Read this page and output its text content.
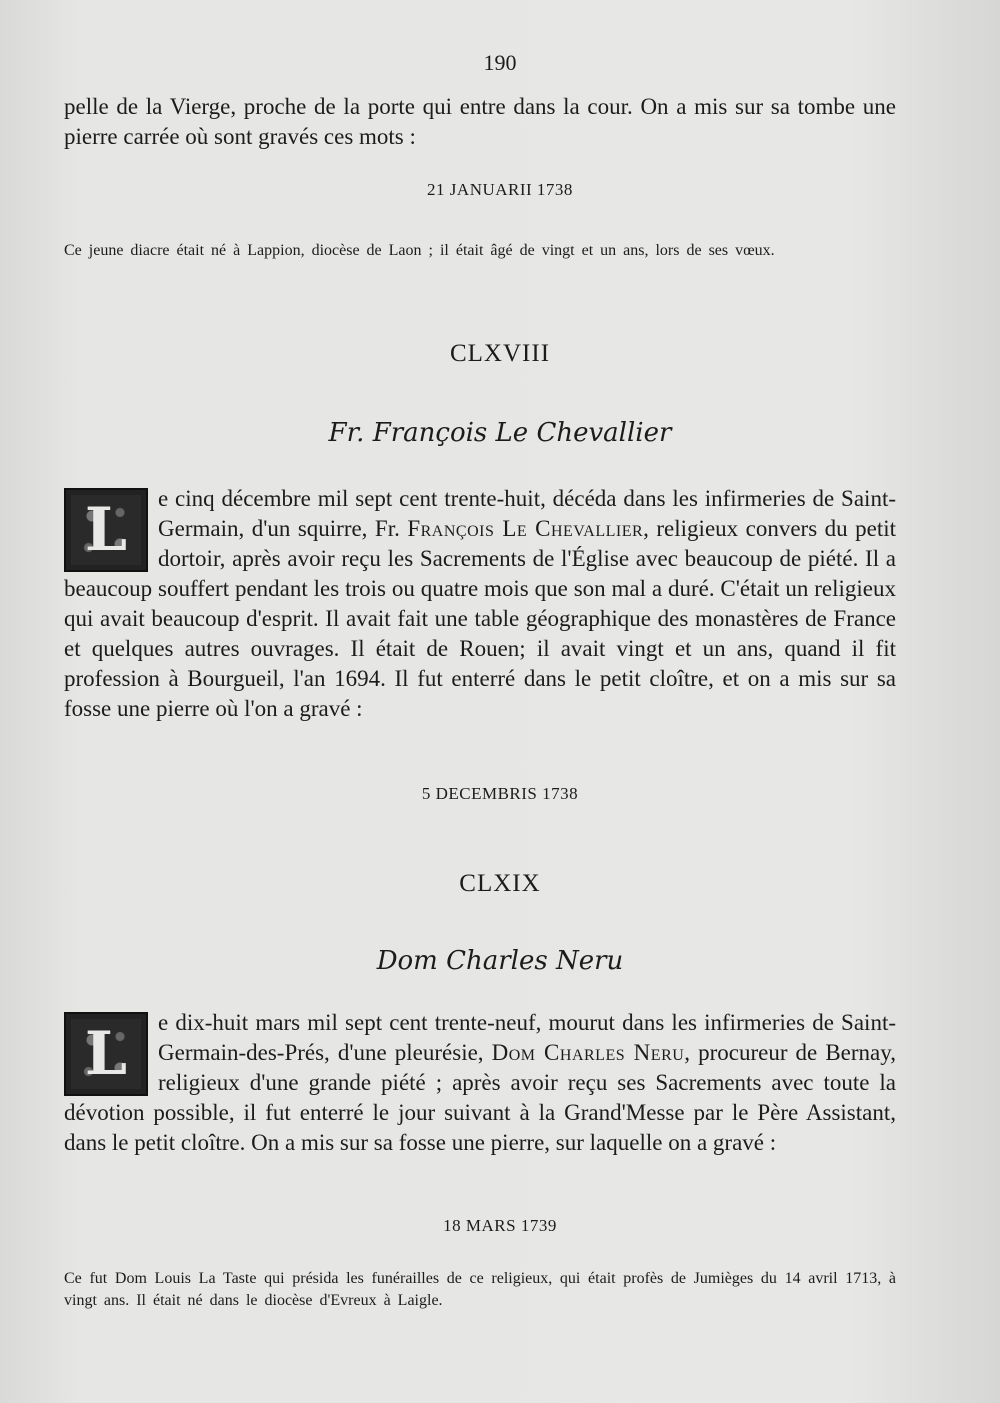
190
pelle de la Vierge, proche de la porte qui entre dans la cour. On a mis sur sa tombe une pierre carrée où sont gravés ces mots :
21 JANUARII 1738
Ce jeune diacre était né à Lappion, diocèse de Laon ; il était âgé de vingt et un ans, lors de ses vœux.
CLXVIII
Fr. François Le Chevallier
L	e cinq décembre mil sept cent trente-huit, décéda dans les infirmeries de Saint-Germain, d'un squirre, Fr. François Le Chevallier, religieux convers du petit dortoir, après avoir reçu les Sacrements de l'Église avec beaucoup de piété. Il a beaucoup souffert pendant les trois ou quatre mois que son mal a duré. C'était un religieux qui avait beaucoup d'esprit. Il avait fait une table géographique des monastères de France et quelques autres ouvrages. Il était de Rouen; il avait vingt et un ans, quand il fit profession à Bourgueil, l'an 1694. Il fut enterré dans le petit cloître, et on a mis sur sa fosse une pierre où l'on a gravé :
5 DECEMBRIS 1738
CLXIX
Dom Charles Neru
L	e dix-huit mars mil sept cent trente-neuf, mourut dans les infirmeries de Saint-Germain-des-Prés, d'une pleurésie, Dom Charles Neru, procureur de Bernay, religieux d'une grande piété ; après avoir reçu ses Sacrements avec toute la dévotion possible, il fut enterré le jour suivant à la Grand'Messe par le Père Assistant, dans le petit cloître. On a mis sur sa fosse une pierre, sur laquelle on a gravé :
18 MARS 1739
Ce fut Dom Louis La Taste qui présida les funérailles de ce religieux, qui était profès de Jumièges du 14 avril 1713, à vingt ans. Il était né dans le diocèse d'Evreux à Laigle.
